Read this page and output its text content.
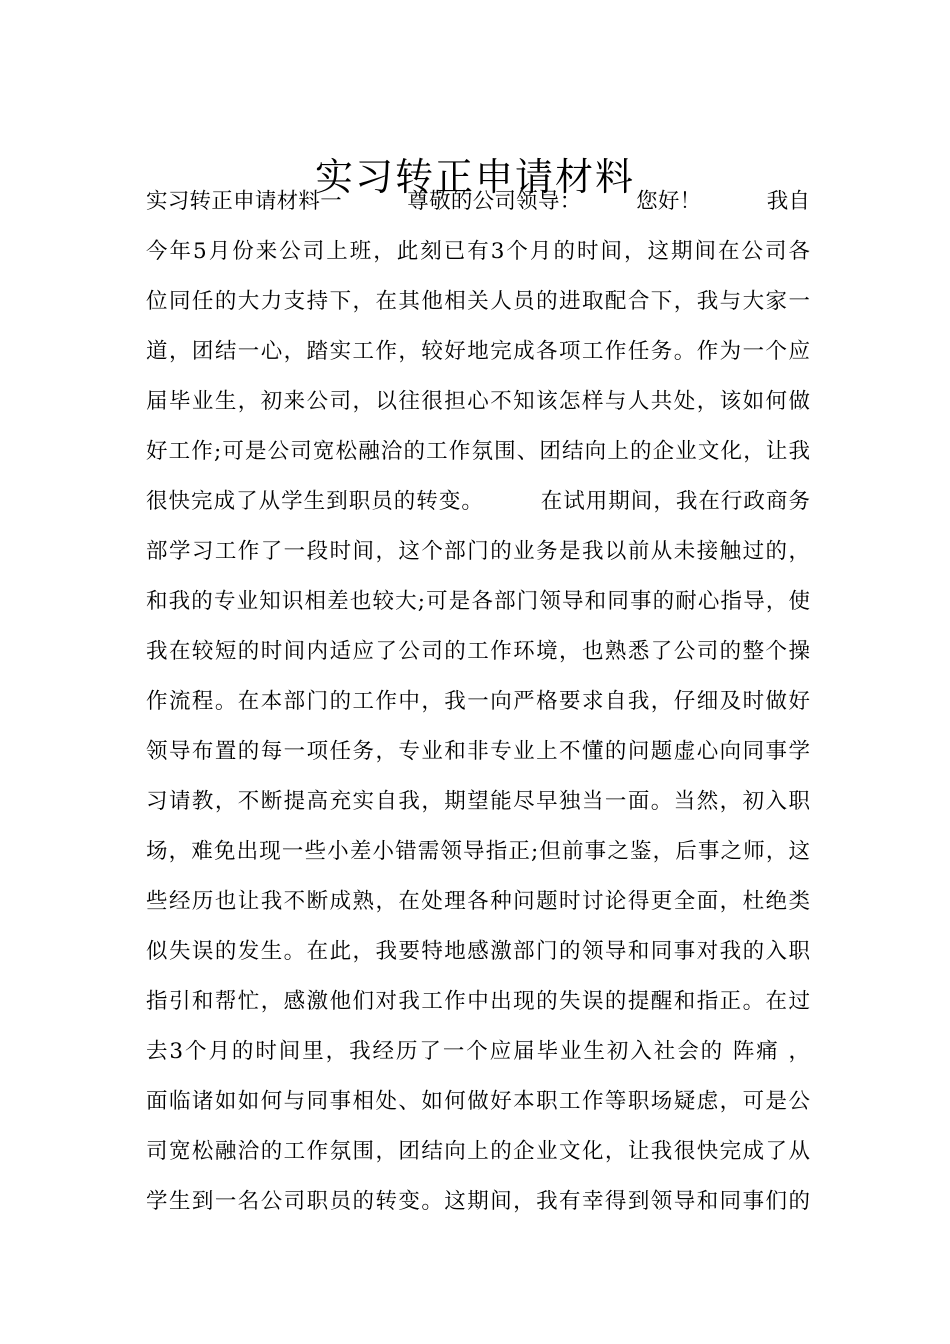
实习转正申请材料
实习转正申请材料一　　　尊敬的公司领导：　　　您好！　　　我自
今年5月份来公司上班，此刻已有3个月的时间，这期间在公司各
位同任的大力支持下，在其他相关人员的进取配合下，我与大家一
道，团结一心，踏实工作，较好地完成各项工作任务。作为一个应
届毕业生，初来公司，以往很担心不知该怎样与人共处，该如何做
好工作;可是公司宽松融洽的工作氛围、团结向上的企业文化，让我
很快完成了从学生到职员的转变。　　　在试用期间，我在行政商务
部学习工作了一段时间，这个部门的业务是我以前从未接触过的，
和我的专业知识相差也较大;可是各部门领导和同事的耐心指导，使
我在较短的时间内适应了公司的工作环境，也熟悉了公司的整个操
作流程。在本部门的工作中，我一向严格要求自我，仔细及时做好
领导布置的每一项任务，专业和非专业上不懂的问题虚心向同事学
习请教，不断提高充实自我，期望能尽早独当一面。当然，初入职
场，难免出现一些小差小错需领导指正;但前事之鉴，后事之师，这
些经历也让我不断成熟，在处理各种问题时讨论得更全面，杜绝类
似失误的发生。在此，我要特地感激部门的领导和同事对我的入职
指引和帮忙，感激他们对我工作中出现的失误的提醒和指正。在过
去3个月的时间里，我经历了一个应届毕业生初入社会的 阵痛 ，
面临诸如如何与同事相处、如何做好本职工作等职场疑虑，可是公
司宽松融洽的工作氛围，团结向上的企业文化，让我很快完成了从
学生到一名公司职员的转变。这期间，我有幸得到领导和同事们的
